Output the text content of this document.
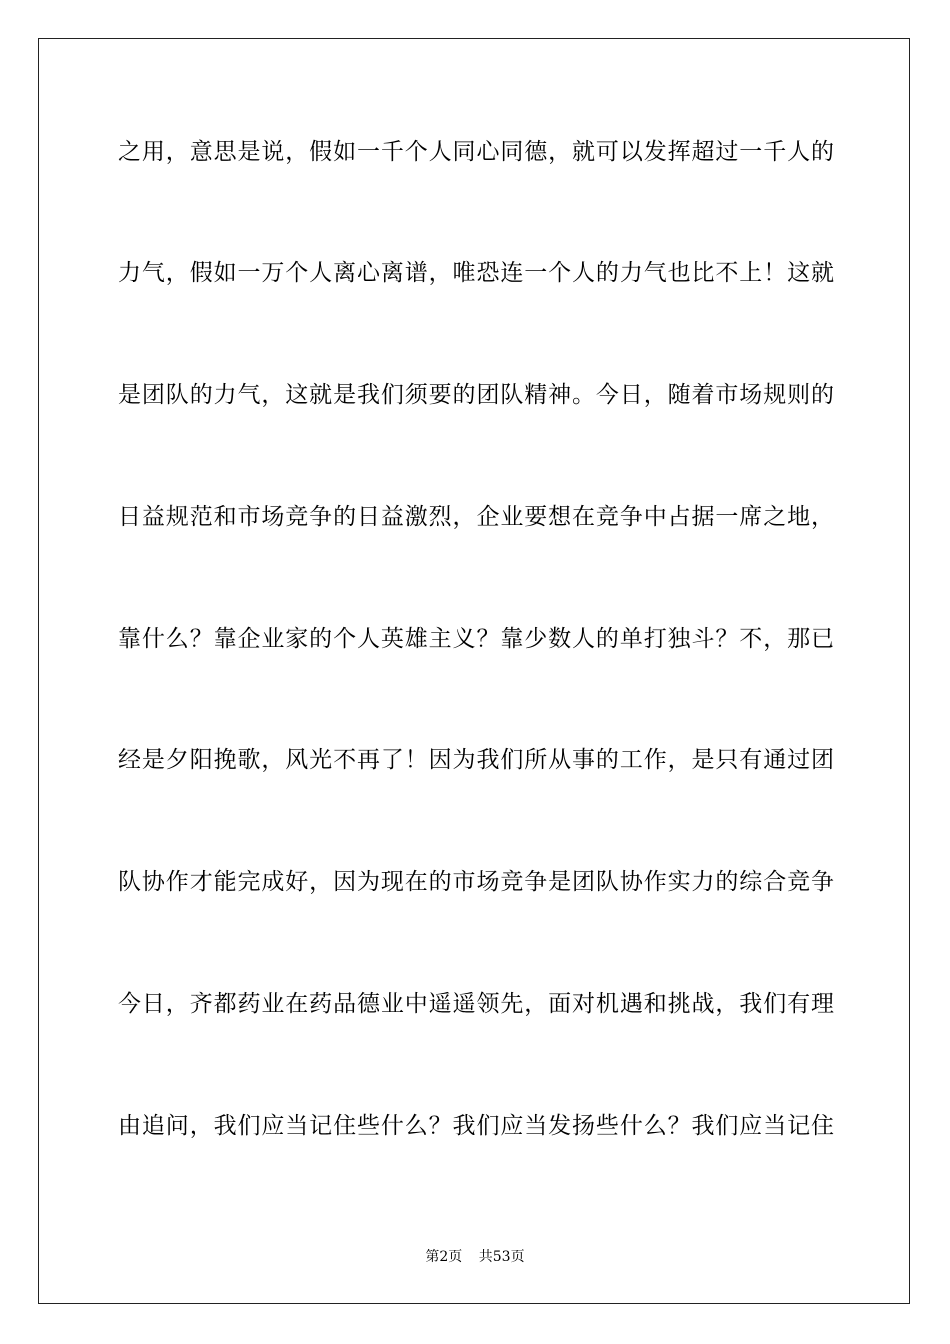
之用，意思是说，假如一千个人同心同德，就可以发挥超过一千人的
力气，假如一万个人离心离谱，唯恐连一个人的力气也比不上！这就
是团队的力气，这就是我们须要的团队精神。今日，随着市场规则的
日益规范和市场竞争的日益激烈，企业要想在竞争中占据一席之地，
靠什么？靠企业家的个人英雄主义？靠少数人的单打独斗？不，那已
经是夕阳挽歌，风光不再了！因为我们所从事的工作，是只有通过团
队协作才能完成好，因为现在的市场竞争是团队协作实力的综合竞争
今日，齐都药业在药品德业中遥遥领先，面对机遇和挑战，我们有理
由追问，我们应当记住些什么？我们应当发扬些什么？我们应当记住
第2页 共53页
